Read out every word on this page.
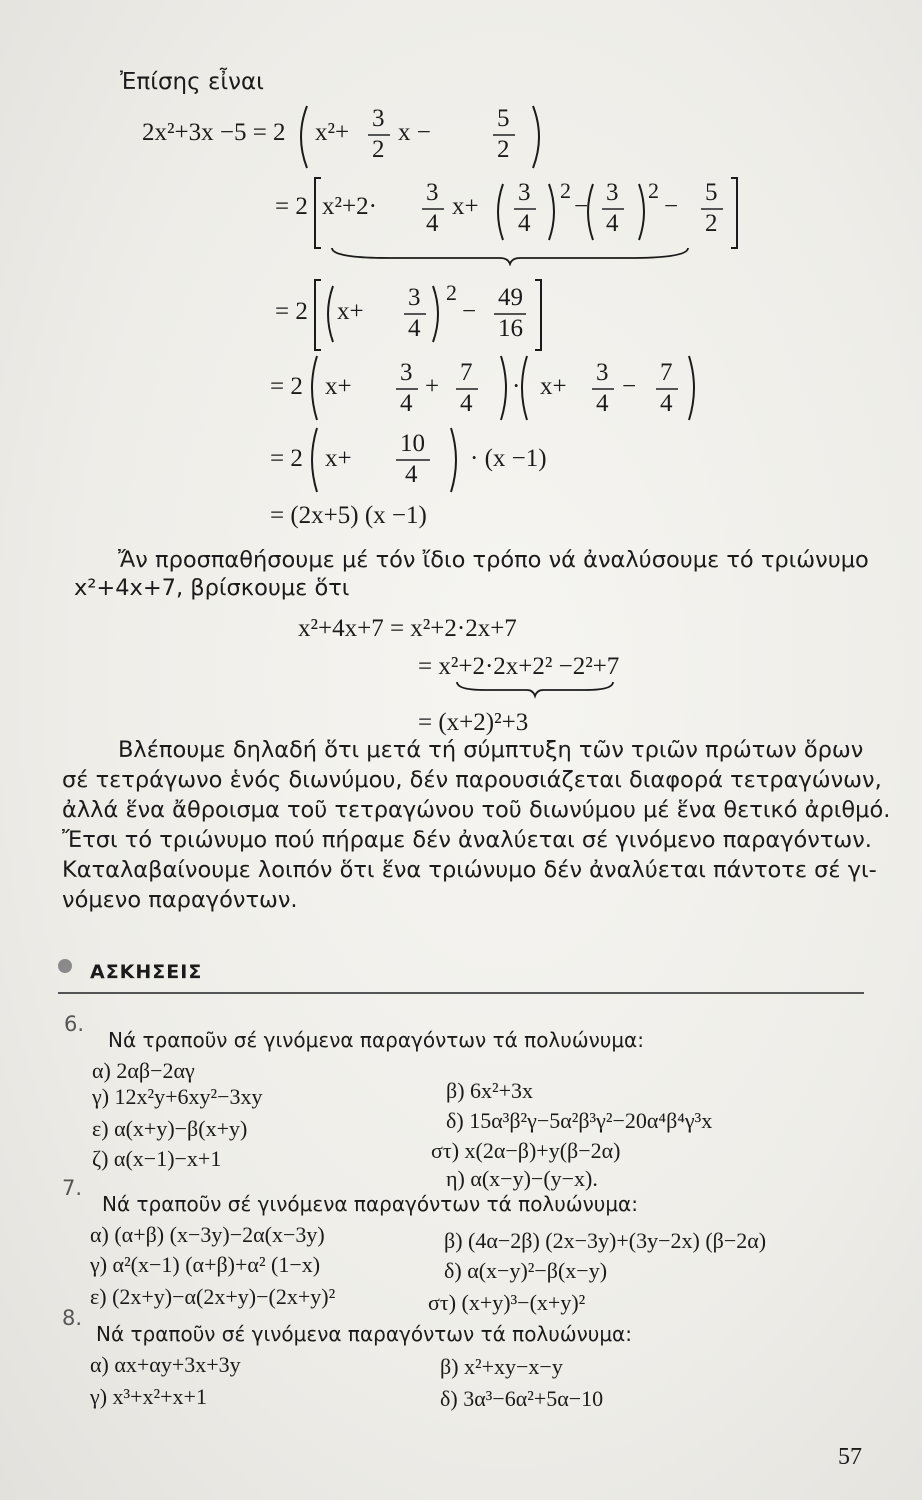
Ἐπίσης εἶναι
2x²+3x −5 = 2 x²+
3
2
x −
5
2
= 2 x²+2·
3
4
x+
3
4
2
−
3
4
2
−
5
2
= 2 x+
3
4
2
−
49
16
= 2 x+
3
4
+
7
4
· x+
3
4
−
7
4
= 2 x+
10
4
· (x −1)
= (2x+5) (x −1)
Ἄν προσπαθήσουμε μέ τόν ἴδιο τρόπο νά ἀναλύσουμε τό τριώνυμο
x²+4x+7, βρίσκουμε ὅτι
x²+4x+7 = x²+2·2x+7
= x²+2·2x+2² −2²+7
= (x+2)²+3
Βλέπουμε δηλαδή ὅτι μετά τή σύμπτυξη τῶν τριῶν πρώτων ὅρων
σέ τετράγωνο ἑνός διωνύμου, δέν παρουσιάζεται διαφορά τετραγώνων,
ἀλλά ἕνα ἄθροισμα τοῦ τετραγώνου τοῦ διωνύμου μέ ἕνα θετικό ἀριθμό.
Ἔτσι τό τριώνυμο πού πήραμε δέν ἀναλύεται σέ γινόμενο παραγόντων.
Καταλαβαίνουμε λοιπόν ὅτι ἕνα τριώνυμο δέν ἀναλύεται πάντοτε σέ γι-
νόμενο παραγόντων.
ΑΣΚΗΣΕΙΣ
6.
Νά τραποῦν σέ γινόμενα παραγόντων τά πολυώνυμα:
α) 2αβ−2αγ
β) 6x²+3x
γ) 12x²y+6xy²−3xy
δ) 15α³β²γ−5α²β³γ²−20α⁴β⁴γ³x
ε) α(x+y)−β(x+y)
στ) x(2α−β)+y(β−2α)
ζ) α(x−1)−x+1
η) α(x−y)−(y−x).
7.
Νά τραποῦν σέ γινόμενα παραγόντων τά πολυώνυμα:
α) (α+β) (x−3y)−2α(x−3y)	β) (4α−2β) (2x−3y)+(3y−2x) (β−2α)
γ) α²(x−1) (α+β)+α² (1−x)	δ) α(x−y)²−β(x−y)
ε) (2x+y)−α(2x+y)−(2x+y)²	στ) (x+y)³−(x+y)²
8.
Νά τραποῦν σέ γινόμενα παραγόντων τά πολυώνυμα:
α) αx+αy+3x+3y	β) x²+xy−x−y
γ) x³+x²+x+1	δ) 3α³−6α²+5α−10
57
